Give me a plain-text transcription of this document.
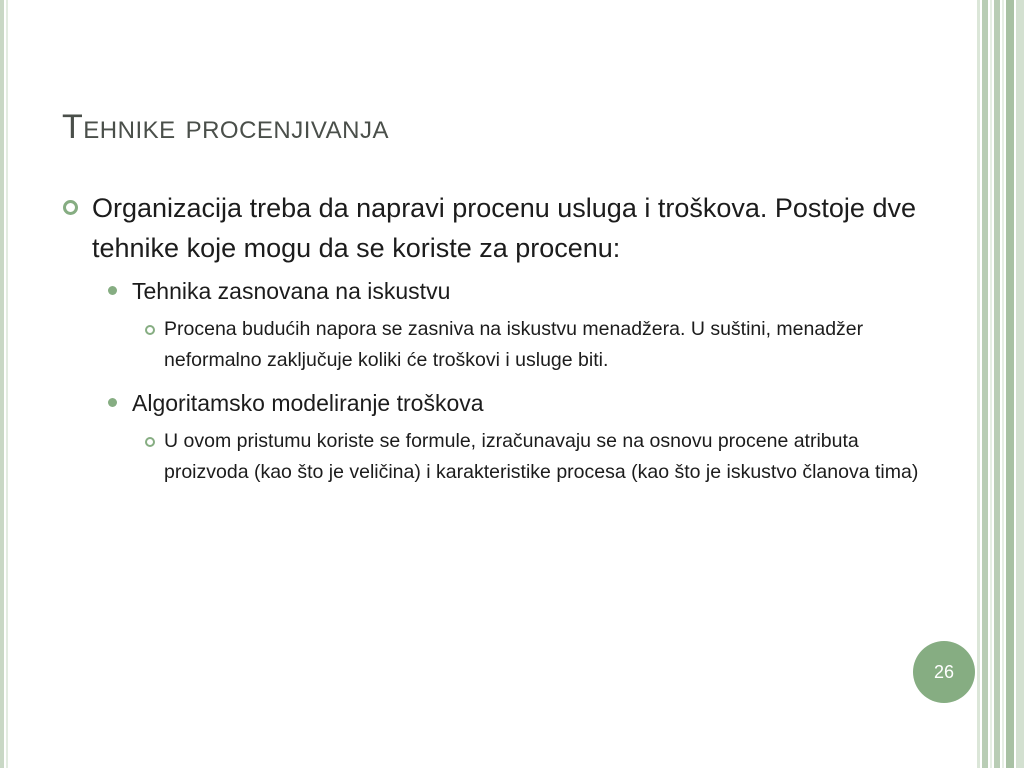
Tehnike procenjivanja
Organizacija treba da napravi procenu usluga i troškova. Postoje dve tehnike koje mogu da se koriste za procenu:
Tehnika zasnovana na iskustvu
Procena budućih napora se zasniva na iskustvu menadžera. U suštini, menadžer neformalno zaključuje koliki će troškovi i usluge biti.
Algoritamsko modeliranje troškova
U ovom pristumu koriste se formule, izračunavaju se na osnovu procene atributa proizvoda (kao što je veličina) i karakteristike procesa (kao što je iskustvo članova tima)
26
